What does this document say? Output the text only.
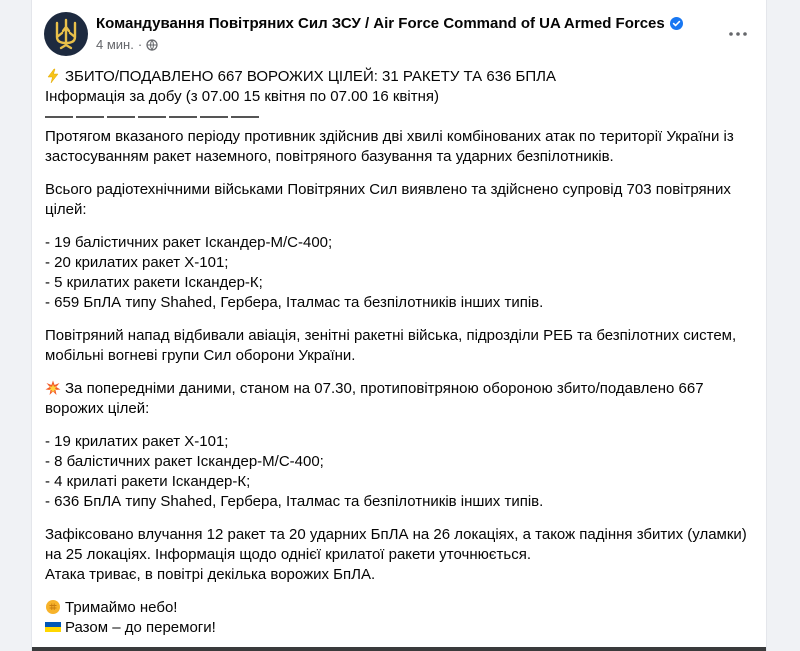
Командування Повітряних Сил ЗСУ / Air Force Command of UA Armed Forces
4 мин. ·

ЗБИТО/ПОДАВЛЕНО 667 ВОРОЖИХ ЦІЛЕЙ: 31 РАКЕТУ ТА 636 БПЛА
Інформація за добу (з 07.00 15 квітня по 07.00 16 квітня)
Протягом вказаного періоду противник здійснив дві хвилі комбінованих атак по території України із застосуванням ракет наземного, повітряного базування та ударних безпілотників.

Всього радіотехнічними військами Повітряних Сил виявлено та здійснено супровід 703 повітряних цілей:

- 19 балістичних ракет Іскандер-М/С-400;
- 20 крилатих ракет Х-101;
- 5 крилатих ракети Іскандер-К;
- 659 БпЛА типу Shahed, Гербера, Італмас та безпілотників інших типів.

Повітряний напад відбивали авіація, зенітні ракетні війська, підрозділи РЕБ та безпілотних систем, мобільні вогневі групи Сил оборони України.

За попередніми даними, станом на 07.30, протиповітряною обороною збито/подавлено 667 ворожих цілей:

- 19 крилатих ракет Х-101;
- 8 балістичних ракет Іскандер-М/С-400;
- 4 крилаті ракети Іскандер-К;
- 636 БпЛА типу Shahed, Гербера, Італмас та безпілотників інших типів.

Зафіксовано влучання 12 ракет та 20 ударних БпЛА на 26 локаціях, а також падіння збитих (уламки) на 25 локаціях. Інформація щодо однієї крилатої ракети уточнюється.
Атака триває, в повітрі декілька ворожих БпЛА.

Тримаймо небо!
Разом – до перемоги!
